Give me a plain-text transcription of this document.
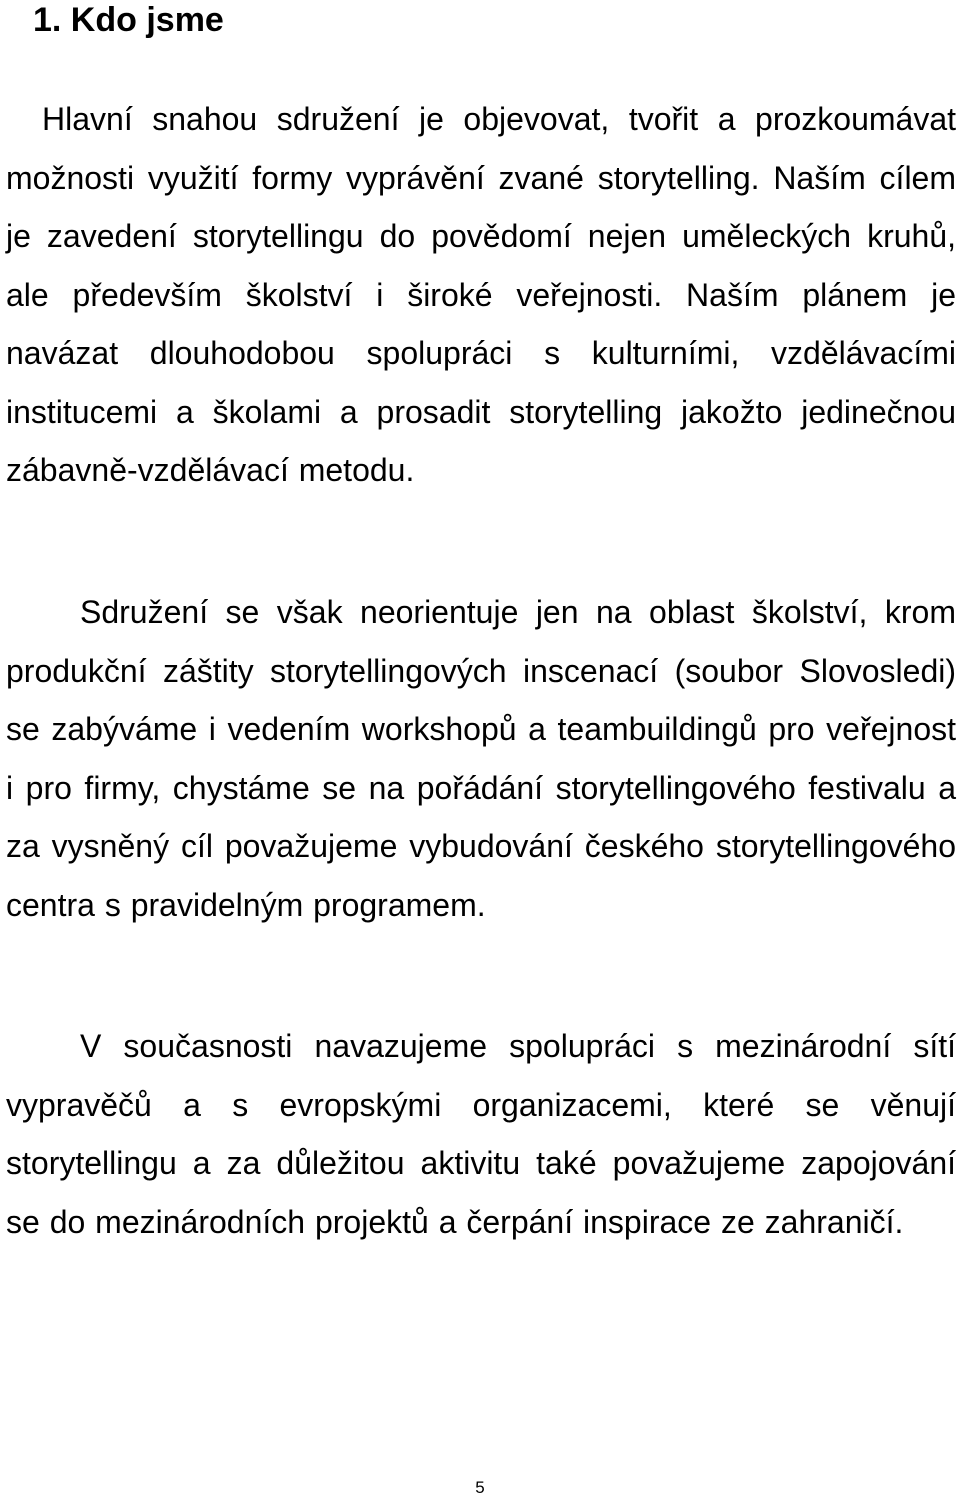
1. Kdo jsme

Hlavní snahou sdružení je objevovat, tvořit a prozkoumávat možnosti využití formy vyprávění zvané storytelling. Naším cílem je zavedení storytellingu do povědomí nejen uměleckých kruhů, ale především školství i široké veřejnosti. Naším plánem je navázat dlouhodobou spolupráci s kulturními, vzdělávacími institucemi a školami a prosadit storytelling jakožto jedinečnou zábavně-vzdělávací metodu.

Sdružení se však neorientuje jen na oblast školství, krom produkční záštity storytellingových inscenací (soubor Slovosledi) se zabýváme i vedením workshopů a teambuildingů pro veřejnost i pro firmy, chystáme se na pořádání storytellingového festivalu a za vysněný cíl považujeme vybudování českého storytellingového centra s pravidelným programem.

V současnosti navazujeme spolupráci s mezinárodní sítí vypravěčů a s evropskými organizacemi, které se věnují storytellingu a za důležitou aktivitu také považujeme zapojování se do mezinárodních projektů a čerpání inspirace ze zahraničí.

5
